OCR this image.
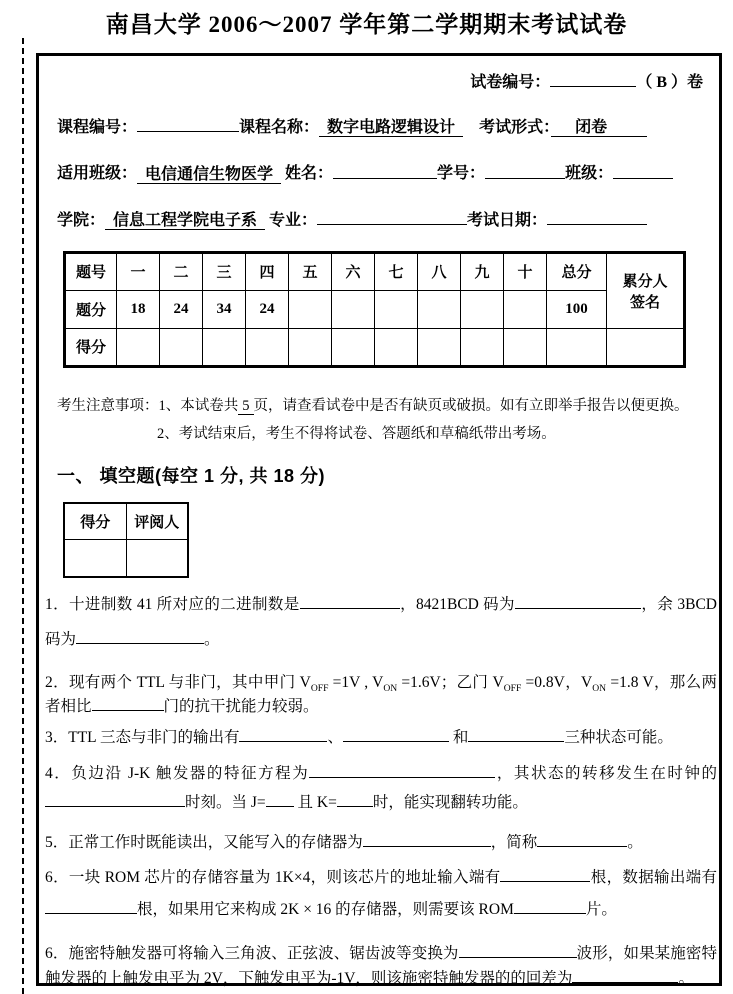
南昌大学 2006～2007 学年第二学期期末考试试卷
试卷编号：	（ B ）卷
课程编号：	课程名称： 数字电路逻辑设计　 考试形式：　闭卷　　
适用班级： 电信通信生物医学 姓名：	学号：	班级：
学院： 信息工程学院电子系 专业：	考试日期：
题号	一	二	三	四	五	六	七	八	九	十	总分	累分人
签名

题分	18	24	34	24							100	
得分												
考生注意事项：1、本试卷共 5 页，请查看试卷中是否有缺页或破损。如有立即举手报告以便更换。
2、考试结束后，考生不得将试卷、答题纸和草稿纸带出考场。
一、 填空题(每空 1 分, 共 18 分)
得分	评阅人

1．十进制数 41 所对应的二进制数是	，8421BCD 码为	，余 3BCD 码为	。

2．现有两个 TTL 与非门，其中甲门 $V_{OFF} =1V$ , $V_{ON} =1.6V$；乙门 $V_{OFF} =0.8V$，$V_{ON} =1.8$ V，那么两者相比	门的抗干扰能力较弱。

3．TTL 三态与非门的输出有	、	和	三种状态可能。

4．负边沿 J-K 触发器的特征方程为	，其状态的转移发生在时钟的时刻。当 J= 且 K= 时，能实现翻转功能。

5．正常工作时既能读出，又能写入的存储器为	，简称	。

6．一块 ROM 芯片的存储容量为 1K×4，则该芯片的地址输入端有	根，数据输出端有 根，如果用它来构成 2K × 16 的存储器，则需要该 ROM	片。

6．施密特触发器可将输入三角波、正弦波、锯齿波等变换为	波形，如果某施密特触发器的上触发电平为 2V，下触发电平为-1V，则该施密特触发器的的回差为	。
